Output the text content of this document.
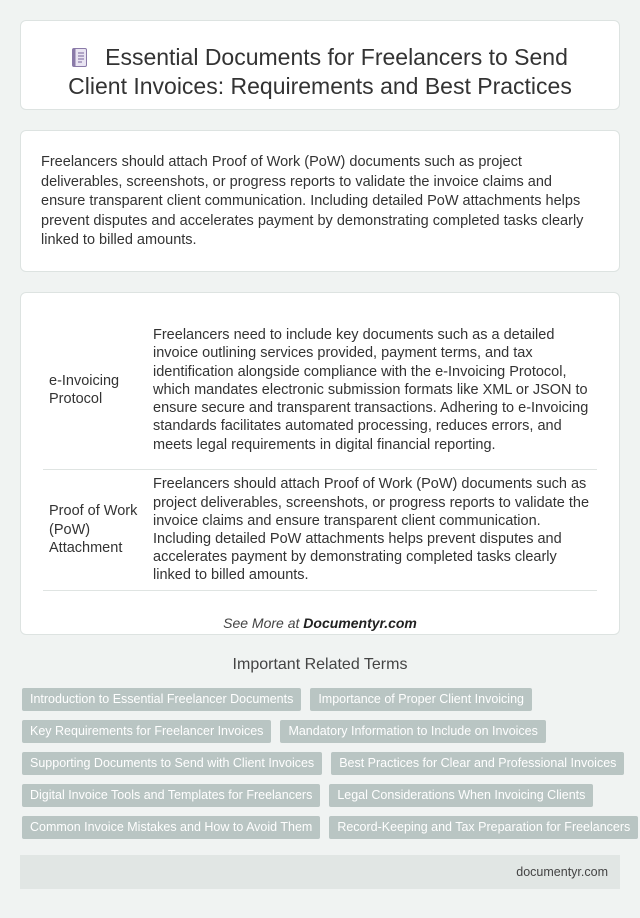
Essential Documents for Freelancers to Send Client Invoices: Requirements and Best Practices

Freelancers should attach Proof of Work (PoW) documents such as project deliverables, screenshots, or progress reports to validate the invoice claims and ensure transparent client communication. Including detailed PoW attachments helps prevent disputes and accelerates payment by demonstrating completed tasks clearly linked to billed amounts.

e-Invoicing Protocol
Freelancers need to include key documents such as a detailed invoice outlining services provided, payment terms, and tax identification alongside compliance with the e-Invoicing Protocol, which mandates electronic submission formats like XML or JSON to ensure secure and transparent transactions. Adhering to e-Invoicing standards facilitates automated processing, reduces errors, and meets legal requirements in digital financial reporting.
Proof of Work (PoW) Attachment
Freelancers should attach Proof of Work (PoW) documents such as project deliverables, screenshots, or progress reports to validate the invoice claims and ensure transparent client communication. Including detailed PoW attachments helps prevent disputes and accelerates payment by demonstrating completed tasks clearly linked to billed amounts.

See More at Documentyr.com

Important Related Terms
Introduction to Essential Freelancer Documents	Importance of Proper Client Invoicing
Key Requirements for Freelancer Invoices	Mandatory Information to Include on Invoices
Supporting Documents to Send with Client Invoices	Best Practices for Clear and Professional Invoices
Digital Invoice Tools and Templates for Freelancers	Legal Considerations When Invoicing Clients
Common Invoice Mistakes and How to Avoid Them	Record-Keeping and Tax Preparation for Freelancers
documentyr.com
